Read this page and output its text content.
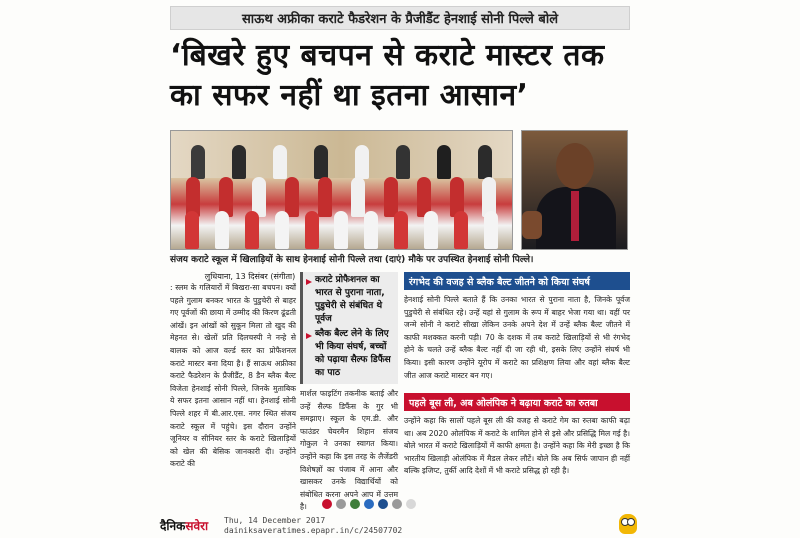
साऊथ अफ्रीका कराटे फैडरेशन के प्रैजीडैंट हेनशाई सोनी पिल्ले बोले
‘बिखरे हुए बचपन से कराटे मास्टर तक का सफर नहीं था इतना आसान’
संजय कराटे स्कूल में खिलाड़ियों के साथ हेनशाई सोनी पिल्ले तथा (दाएं) मौके पर उपस्थित हेनशाई सोनी पिल्ले।
लुधियाना, 13 दिसंबर (संगीता)
: स्लम के गलियारों में बिखरा-सा बचपन। क्योंं पहले गुलाम बनकर भारत के पुडुचेरी से बाहर गए पूर्वजों की छाया में उम्मीद की किरण ढूंढती आंखें। इन आंखों को सुकून मिला तो खुद की मेहनत से। खेलों प्रति दिलचस्पी ने नन्हे से बालक को आज वर्ल्ड स्तर का प्रोफैशनल कराटे मास्टर बना दिया है। हैं साऊथ अफ्रीका कराटे फैडरेशन के प्रैजीडैंट, 8 डैन ब्लैक बैल्ट विजेता हेनशाई सोनी पिल्ले, जिनके मुताबिक ये सफर इतना आसान नहीं था। हेनशाई सोनी पिल्ले शहर में बी.आर.एस. नगर स्थित संजय कराटे स्कूल में पहुंचे। इस दौरान उन्होंने जूनियर व सीनियर स्तर के कराटे खिलाड़ियों को खेल की बेसिक जानकारी दी। उन्होंने कराटे की
कराटे प्रोफैशनल का भारत से पुराना नाता, पुडुचेरी से संबंधित थे पूर्वज
ब्लैक बैल्ट लेने के लिए भी किया संघर्ष, बच्चों को पढ़ाया सैल्फ डिफैंस का पाठ
मार्शल फाइटिंग तकनीक बताई और उन्हें सैल्फ डिफैंस के गुर भी समझाए। स्कूल के एम.डी. और फाउंडर चेयरमैन शिहान संजय गोकुल ने उनका स्वागत किया। उन्होंने कहा कि इस तरह के लैजेंडरी विशेषज्ञों का पंजाब में आना और खासकर उनके विद्यार्थियों को संबोधित करना अपने आप में उत्तम है।
रंगभेद की वजह से ब्लैक बैल्ट जीतने को किया संघर्ष
हेनशाई सोनी पिल्ले बताते हैं कि उनका भारत से पुराना नाता है, जिनके पूर्वज पुडुचेरी से संबंधित रहे। उन्हें यहां से गुलाम के रूप में बाहर भेजा गया था। वहीं पर जन्मे सोनी ने कराटे सीखा लेकिन उनके अपने देश में उन्हें ब्लैक बैल्ट जीतने में काफी मशक्कत करनी पड़ी। 70 के दशक में तब कराटे खिलाड़ियों से भी रंगभेद होने के चलते उन्हें ब्लैक बैल्ट नहीं दी जा रही थी, इसके लिए उन्होंने संघर्ष भी किया। इसी कारण उन्होंने यूरोप में कराटे का प्रशिक्षण लिया और वहां ब्लैक बैल्ट जीत आज कराटे मास्टर बन गए।
पहले बूस ली, अब ओलंपिक ने बढ़ाया कराटे का रुतबा
उन्होंने कहा कि सालों पहले बूस ली की वजह से कराटे गेम का रुतबा काफी बढ़ा था। अब 2020 ओलंपिक में कराटे के शामिल होने से इसे और प्रसिद्धि मिल गई है। बोले भारत में कराटे खिलाड़ियों में काफी क्षमता है। उन्होंने कहा कि मेरी इच्छा है कि भारतीय खिलाड़ी ओलंपिक में मैडल लेकर लौटें। बोले कि अब सिर्फ जापान ही नहीं बल्कि इजिप्ट, तुर्की आदि देशों में भी कराटे प्रसिद्ध हो रही है।
दैनिकसवेरा	Thu, 14 December 2017
dainiksaveratimes.epapr.in/c/24507702
